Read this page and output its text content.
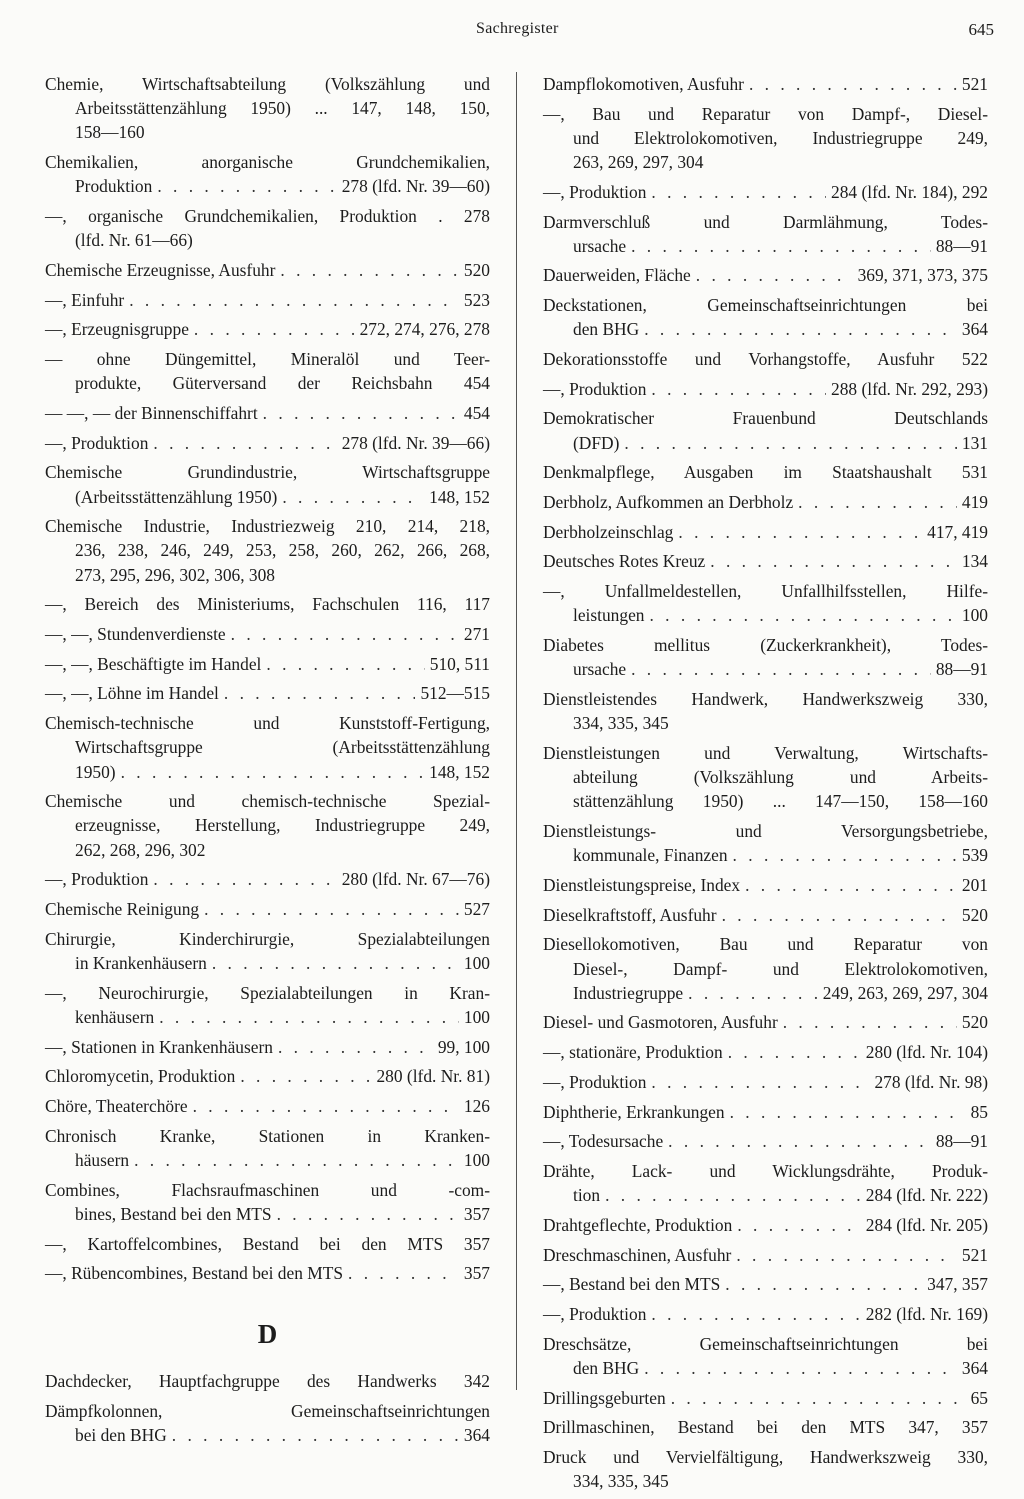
Sachregister	645
Chemie, Wirtschaftsabteilung (Volkszählung und
Arbeitsstättenzählung 1950) ... 147, 148, 150,
158—160
Chemikalien, anorganische Grundchemikalien,
Produktion . . .	278 (lfd. Nr. 39—60)
—, organische Grundchemikalien, Produktion . 278
(lfd. Nr. 61—66)
Chemische Erzeugnisse, Ausfuhr . . .	520
—, Einfuhr . . .	523
—, Erzeugnisgruppe . . .	272, 274, 276, 278
— ohne Düngemittel, Mineralöl und Teer-
produkte, Güterversand der Reichsbahn 454
— —, — der Binnenschiffahrt . . .	454
—, Produktion . . .	278 (lfd. Nr. 39—66)
Chemische Grundindustrie, Wirtschaftsgruppe
(Arbeitsstättenzählung 1950) . . .	148, 152
Chemische Industrie, Industriezweig 210, 214, 218,
236, 238, 246, 249, 253, 258, 260, 262, 266, 268,
273, 295, 296, 302, 306, 308
—, Bereich des Ministeriums, Fachschulen 116, 117
—, —, Stundenverdienste . . .	271
—, —, Beschäftigte im Handel . . .	510, 511
—, —, Löhne im Handel . . .	512—515
Chemisch-technische und Kunststoff-Fertigung,
Wirtschaftsgruppe (Arbeitsstättenzählung
1950) . . .	148, 152
Chemische und chemisch-technische Spezial-
erzeugnisse, Herstellung, Industriegruppe 249,
262, 268, 296, 302
—, Produktion . . .	280 (lfd. Nr. 67—76)
Chemische Reinigung . . .	527
Chirurgie, Kinderchirurgie, Spezialabteilungen
in Krankenhäusern . . .	100
—, Neurochirurgie, Spezialabteilungen in Kran-
kenhäusern . . .	100
—, Stationen in Krankenhäusern . . .	99, 100
Chloromycetin, Produktion . . .	280 (lfd. Nr. 81)
Chöre, Theaterchöre . . .	126
Chronisch Kranke, Stationen in Kranken-
häusern . . .	100
Combines, Flachsraufmaschinen und -com-
bines, Bestand bei den MTS . . .	357
—, Kartoffelcombines, Bestand bei den MTS 357
—, Rübencombines, Bestand bei den MTS . . .	357
D
Dachdecker, Hauptfachgruppe des Handwerks 342
Dämpfkolonnen, Gemeinschaftseinrichtungen
bei den BHG . . .	364
Dampflokomotiven, Ausfuhr . . .	521
—, Bau und Reparatur von Dampf-, Diesel-
und Elektrolokomotiven, Industriegruppe 249,
263, 269, 297, 304
—, Produktion . . .	284 (lfd. Nr. 184), 292
Darmverschluß und Darmlähmung, Todes-
ursache . . .	88—91
Dauerweiden, Fläche . . .	369, 371, 373, 375
Deckstationen, Gemeinschaftseinrichtungen bei
den BHG . . .	364
Dekorationsstoffe und Vorhangstoffe, Ausfuhr 522
—, Produktion . . .	288 (lfd. Nr. 292, 293)
Demokratischer Frauenbund Deutschlands
(DFD) . . .	131
Denkmalpflege, Ausgaben im Staatshaushalt 531
Derbholz, Aufkommen an Derbholz . . .	419
Derbholzeinschlag . . .	417, 419
Deutsches Rotes Kreuz . . .	134
—, Unfallmeldestellen, Unfallhilfsstellen, Hilfe-
leistungen . . .	100
Diabetes mellitus (Zuckerkrankheit), Todes-
ursache . . .	88—91
Dienstleistendes Handwerk, Handwerkszweig 330,
334, 335, 345
Dienstleistungen und Verwaltung, Wirtschafts-
abteilung (Volkszählung und Arbeits-
stättenzählung 1950) ... 147—150, 158—160
Dienstleistungs- und Versorgungsbetriebe,
kommunale, Finanzen . . .	539
Dienstleistungspreise, Index . . .	201
Dieselkraftstoff, Ausfuhr . . .	520
Diesellokomotiven, Bau und Reparatur von
Diesel-, Dampf- und Elektrolokomotiven,
Industriegruppe . . .	249, 263, 269, 297, 304
Diesel- und Gasmotoren, Ausfuhr . . .	520
—, stationäre, Produktion . . .	280 (lfd. Nr. 104)
—, Produktion . . .	278 (lfd. Nr. 98)
Diphtherie, Erkrankungen . . .	85
—, Todesursache . . .	88—91
Drähte, Lack- und Wicklungsdrähte, Produk-
tion . . .	284 (lfd. Nr. 222)
Drahtgeflechte, Produktion . . .	284 (lfd. Nr. 205)
Dreschmaschinen, Ausfuhr . . .	521
—, Bestand bei den MTS . . .	347, 357
—, Produktion . . .	282 (lfd. Nr. 169)
Dreschsätze, Gemeinschaftseinrichtungen bei
den BHG . . .	364
Drillingsgeburten . . .	65
Drillmaschinen, Bestand bei den MTS 347, 357
Druck und Vervielfältigung, Handwerkszweig 330,
334, 335, 345
